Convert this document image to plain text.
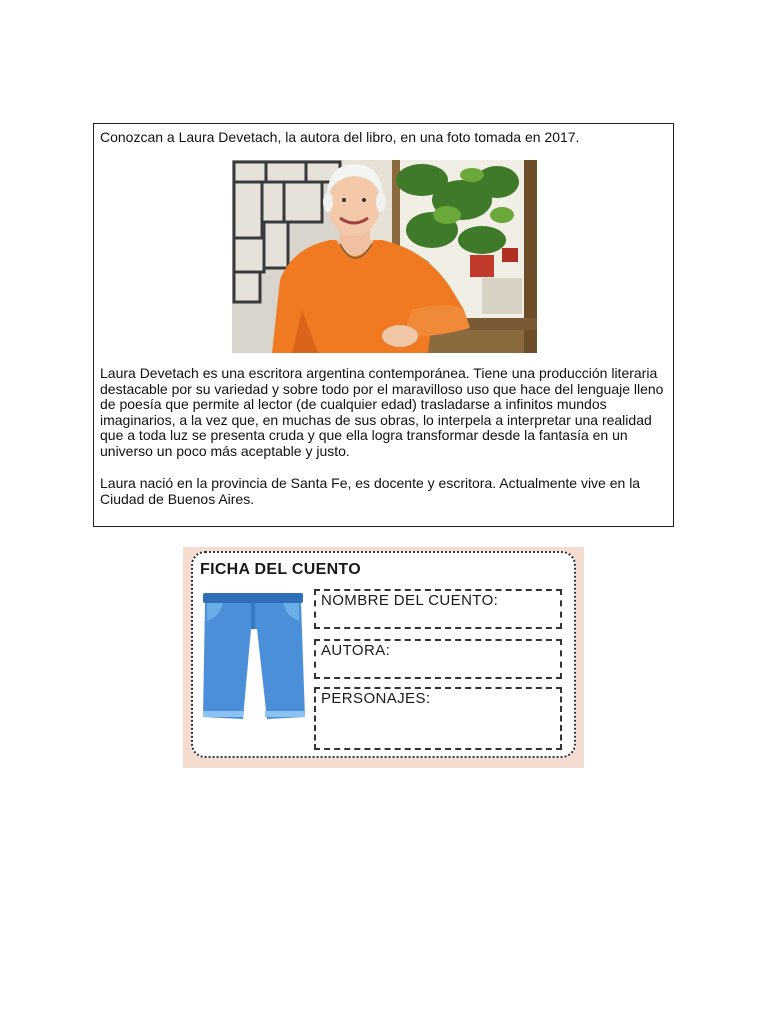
Conozcan a Laura Devetach, la autora del libro, en una foto tomada en 2017.

Laura Devetach es una escritora argentina contemporánea. Tiene una producción literaria destacable por su variedad y sobre todo por el maravilloso uso que hace del lenguaje lleno de poesía que permite al lector (de cualquier edad) trasladarse a infinitos mundos imaginarios, a la vez que, en muchas de sus obras, lo interpela a interpretar una realidad que a toda luz se presenta cruda y que ella logra transformar desde la fantasía en un universo un poco más aceptable y justo.

Laura nació en la provincia de Santa Fe, es docente y escritora. Actualmente vive en la Ciudad de Buenos Aires.

FICHA DEL CUENTO
NOMBRE DEL CUENTO:
AUTORA:
PERSONAJES:
